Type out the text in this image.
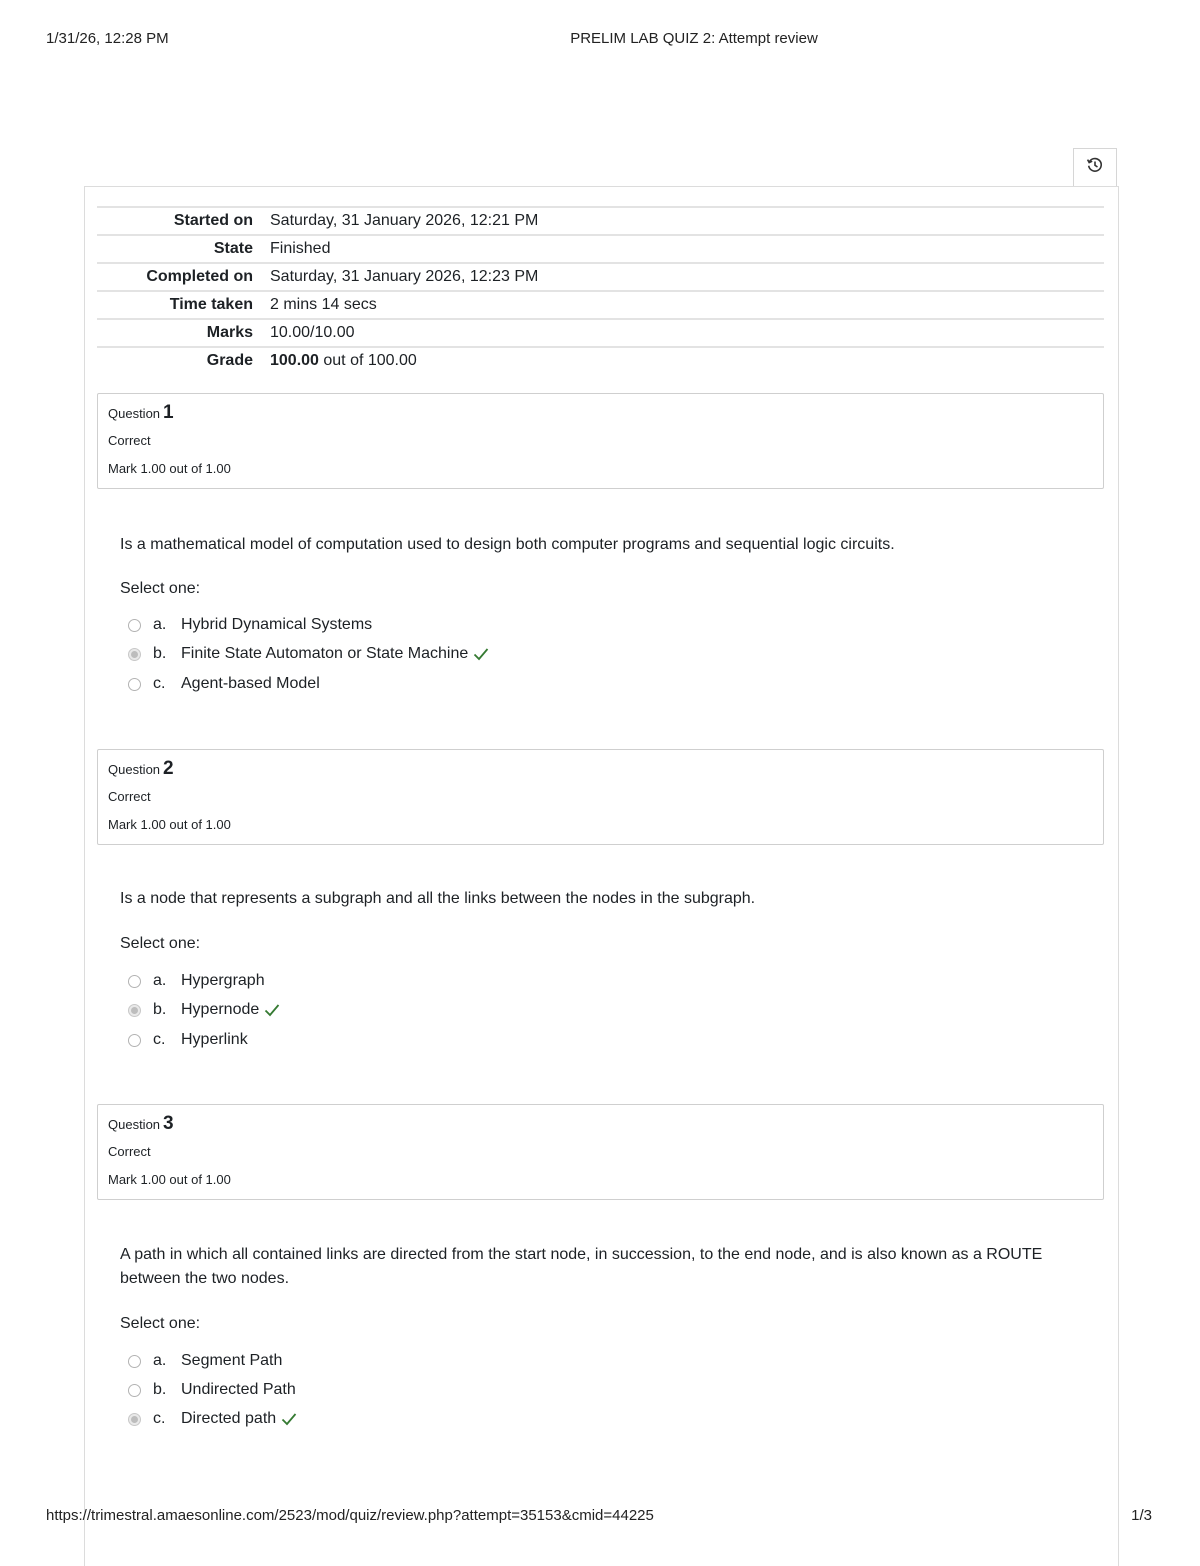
1/31/26, 12:28 PM	PRELIM LAB QUIZ 2: Attempt review
Started on	Saturday, 31 January 2026, 12:21 PM
State	Finished
Completed on	Saturday, 31 January 2026, 12:23 PM
Time taken	2 mins 14 secs
Marks	10.00/10.00
Grade	100.00 out of 100.00
Question 1
Correct
Mark 1.00 out of 1.00
Is a mathematical model of computation used to design both computer programs and sequential logic circuits.
Select one:
a. Hybrid Dynamical Systems
b. Finite State Automaton or State Machine
c. Agent-based Model
Question 2
Correct
Mark 1.00 out of 1.00
Is a node that represents a subgraph and all the links between the nodes in the subgraph.
Select one:
a. Hypergraph
b. Hypernode
c. Hyperlink
Question 3
Correct
Mark 1.00 out of 1.00
A path in which all contained links are directed from the start node, in succession, to the end node, and is also known as a ROUTE between the two nodes.
Select one:
a. Segment Path
b. Undirected Path
c. Directed path
https://trimestral.amaesonline.com/2523/mod/quiz/review.php?attempt=35153&cmid=44225	1/3
